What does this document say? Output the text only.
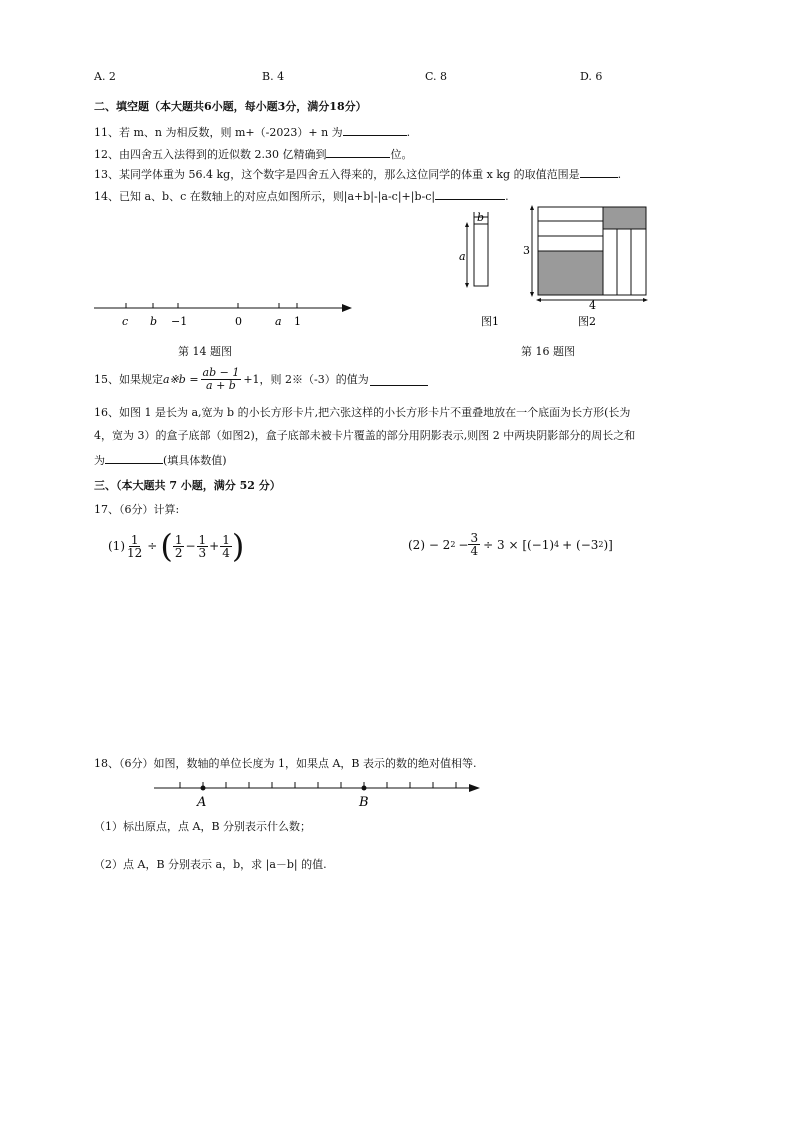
A. 2	B. 4	C. 8	D. 6
二、填空题（本大题共6小题，每小题3分，满分18分）
11、若 m、n 为相反数，则 m+（-2023）+ n 为	.
12、由四舍五入法得到的近似数 2.30 亿精确到	位。
13、某同学体重为 56.4 kg，这个数字是四舍五入得来的，那么这位同学的体重 x kg 的取值范围是	.
14、已知 a、b、c 在数轴上的对应点如图所示，则|a+b|-|a-c|+|b-c|	.
c b −1	0	a 1
第 14 题图
a
b
图1
3
4
图2
第 16 题图
15、如果规定 a※b = $\frac{ab - 1}{a + b} +1$，则 2※（-3）的值为
16、如图 1 是长为 a,宽为 b 的小长方形卡片,把六张这样的小长方形卡片不重叠地放在一个底面为长方形(长为
4，宽为 3）的盒子底部（如图2)，盒子底部未被卡片覆盖的部分用阴影表示,则图 2 中两块阴影部分的周长之和
为	(填具体数值)
三、（本大题共 7 小题，满分 52 分）
17、（6分）计算:
$(1) \frac{1}{12}$ ÷ ( $\frac{1}{2} - \frac{1}{3} + \frac{1}{4}$ )	(2) − 2 $2 - \frac{3}{4} \div 3 \times [(-1) 4 + (-3$ 2 )]
18、（6分）如图，数轴的单位长度为 1，如果点 A，B 表示的数的绝对值相等.
A	B
（1）标出原点，点 A，B 分别表示什么数；
（2）点 A，B 分别表示 a，b，求 |a－b| 的值.
